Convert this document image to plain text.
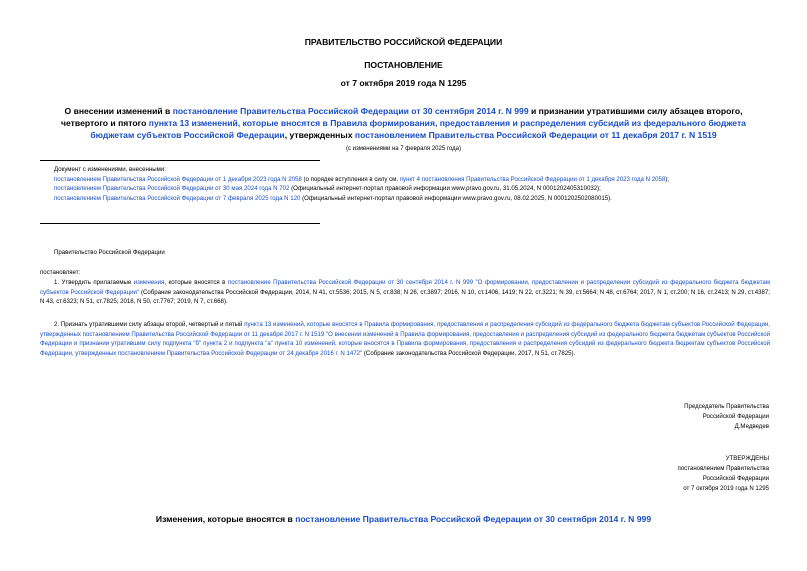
ПРАВИТЕЛЬСТВО РОССИЙСКОЙ ФЕДЕРАЦИИ
ПОСТАНОВЛЕНИЕ
от 7 октября 2019 года N 1295
О внесении изменений в постановление Правительства Российской Федерации от 30 сентября 2014 г. N 999 и признании утратившими силу абзацев второго, четвертого и пятого пункта 13 изменений, которые вносятся в Правила формирования, предоставления и распределения субсидий из федерального бюджета бюджетам субъектов Российской Федерации, утвержденных постановлением Правительства Российской Федерации от 11 декабря 2017 г. N 1519
(с изменениями на 7 февраля 2025 года)

Документ с изменениями, внесенными:

постановлением Правительства Российской Федерации от 1 декабря 2023 года N 2058 (о порядке вступления в силу см. пункт 4 постановления Правительства Российской Федерации от 1 декабря 2023 года N 2058);

постановлением Правительства Российской Федерации от 30 мая 2024 года N 702 (Официальный интернет-портал правовой информации www.pravo.gov.ru, 31.05.2024, N 0001202405310032);

постановлением Правительства Российской Федерации от 7 февраля 2025 года N 120 (Официальный интернет-портал правовой информации www.pravo.gov.ru, 08.02.2025, N 0001202502080015).

Правительство Российской Федерации
постановляет:

1. Утвердить прилагаемые изменения, которые вносятся в постановление Правительства Российской Федерации от 30 сентября 2014 г. N 999 "О формировании, предоставлении и распределении субсидий из федерального бюджета бюджетам субъектов Российской Федерации" (Собрание законодательства Российской Федерации, 2014, N 41, ст.5536; 2015, N 5, ст.838; N 26, ст.3897; 2016, N 10, ст.1406, 1419; N 22, ст.3221; N 39, ст.5664; N 48, ст.6764; 2017, N 1, ст.200; N 16, ст.2413; N 29, ст.4387; N 43, ст.6323; N 51, ст.7825; 2018, N 50, ст.7767; 2019, N 7, ст.668).

2. Признать утратившими силу абзацы второй, четвертый и пятый пункта 13 изменений, которые вносятся в Правила формирования, предоставления и распределения субсидий из федерального бюджета бюджетам субъектов Российской Федерации, утвержденных постановлением Правительства Российской Федерации от 11 декабря 2017 г. N 1519 "О внесении изменений в Правила формирования, предоставления и распределения субсидий из федерального бюджета бюджетам субъектов Российской Федерации и признании утратившим силу подпункта "б" пункта 2 и подпункта "а" пункта 10 изменений, которые вносятся в Правила формирования, предоставления и распределения субсидий из федерального бюджета бюджетам субъектов Российской Федерации, утвержденных постановлением Правительства Российской Федерации от 24 декабря 2016 г. N 1472" (Собрание законодательства Российской Федерации, 2017, N 51, ст.7825).

Председатель Правительства
Российской Федерации
Д.Медведев
УТВЕРЖДЕНЫ
постановлением Правительства
Российской Федерации
от 7 октября 2019 года N 1295
Изменения, которые вносятся в постановление Правительства Российской Федерации от 30 сентября 2014 г. N 999
